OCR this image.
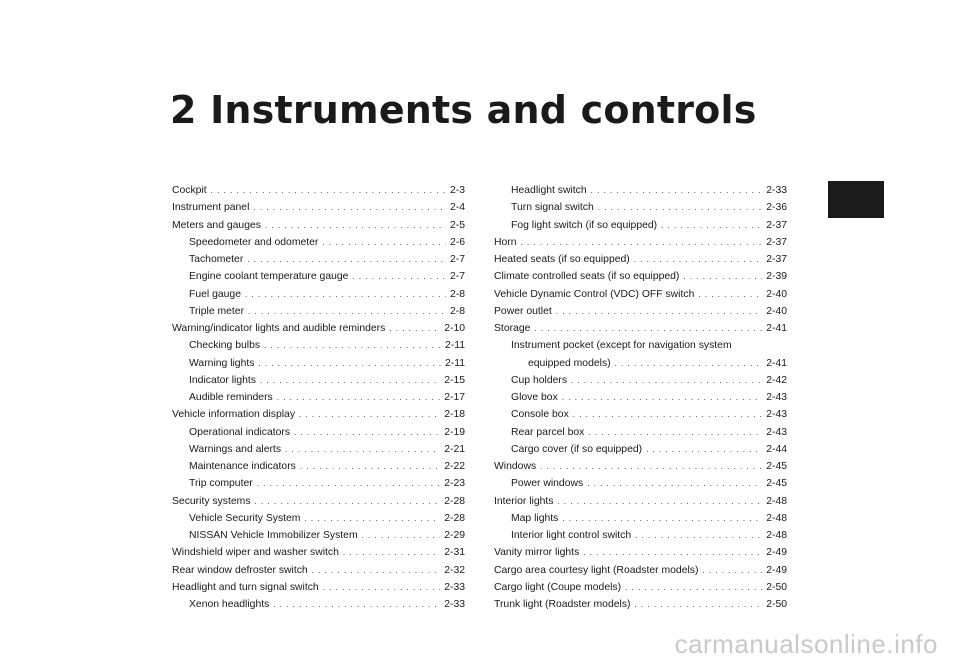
2 Instruments and controls
Cockpit . . .	2-3
Instrument panel . . .	2-4
Meters and gauges . . .	2-5
Speedometer and odometer . . .	2-6
Tachometer . . .	2-7
Engine coolant temperature gauge . . .	2-7
Fuel gauge . . .	2-8
Triple meter . . .	2-8
Warning/indicator lights and audible reminders . . .	2-10
Checking bulbs . . .	2-11
Warning lights . . .	2-11
Indicator lights . . .	2-15
Audible reminders . . .	2-17
Vehicle information display . . .	2-18
Operational indicators . . .	2-19
Warnings and alerts . . .	2-21
Maintenance indicators . . .	2-22
Trip computer . . .	2-23
Security systems . . .	2-28
Vehicle Security System . . .	2-28
NISSAN Vehicle Immobilizer System . . .	2-29
Windshield wiper and washer switch . . .	2-31
Rear window defroster switch . . .	2-32
Headlight and turn signal switch . . .	2-33
Xenon headlights . . .	2-33
Headlight switch . . .	2-33
Turn signal switch . . .	2-36
Fog light switch (if so equipped) . . .	2-37
Horn . . .	2-37
Heated seats (if so equipped) . . .	2-37
Climate controlled seats (if so equipped) . . .	2-39
Vehicle Dynamic Control (VDC) OFF switch . . .	2-40
Power outlet . . .	2-40
Storage . . .	2-41
Instrument pocket (except for navigation system
equipped models) . . .	2-41
Cup holders . . .	2-42
Glove box . . .	2-43
Console box . . .	2-43
Rear parcel box . . .	2-43
Cargo cover (if so equipped) . . .	2-44
Windows . . .	2-45
Power windows . . .	2-45
Interior lights . . .	2-48
Map lights . . .	2-48
Interior light control switch . . .	2-48
Vanity mirror lights . . .	2-49
Cargo area courtesy light (Roadster models) . . .	2-49
Cargo light (Coupe models) . . .	2-50
Trunk light (Roadster models) . . .	2-50
carmanualsonline.info
